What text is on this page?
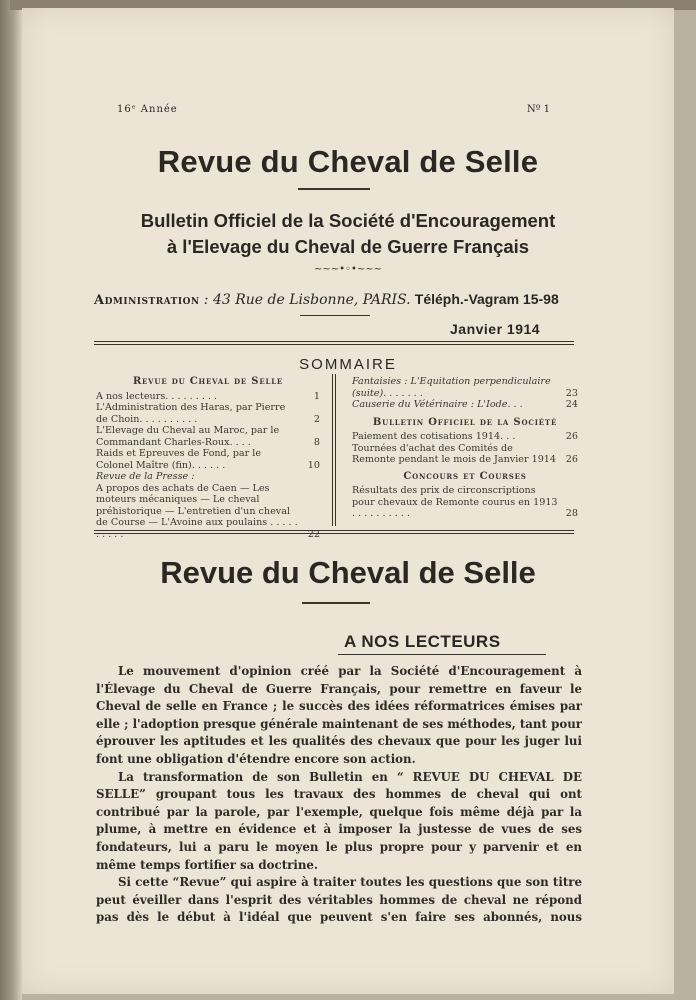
16ᵉ Année	Nº 1
Revue du Cheval de Selle
Bulletin Officiel de la Société d'Encouragement
à l'Elevage du Cheval de Guerre Français
~~~•◦•~~~
Administration : 43 Rue de Lisbonne, PARIS. Téléph.-Vagram 15-98
Janvier 1914
SOMMAIRE
Revue du Cheval de Selle
A nos lecteurs. . . . . . . . .	1
L'Administration des Haras, par Pierre de Choin. . . . . . . . . .	2
L'Elevage du Cheval au Maroc, par le Commandant Charles-Roux. . . .	8
Raids et Epreuves de Fond, par le Colonel Maître (fin). . . . . .	10
Revue de la Presse :
A propos des achats de Caen — Les moteurs mécaniques — Le cheval préhistorique — L'entretien d'un cheval de Course — L'Avoine aux poulains . . . . . . . . . .	22
Fantaisies : L'Equitation perpendiculaire (suite). . . . . . .	23
Causerie du Vétérinaire : L'Iode. . .	24
Bulletin Officiel de la Société
Paiement des cotisations 1914. . .	26
Tournées d'achat des Comités de Remonte pendant le mois de Janvier 1914	26
Concours et Courses
Résultats des prix de circonscriptions pour chevaux de Remonte courus en 1913 . . . . . . . . . .	28
Revue du Cheval de Selle
A NOS LECTEURS

Le mouvement d'opinion créé par la Société d'Encouragement à l'Élevage du Cheval de Guerre Français, pour remettre en faveur le Cheval de selle en France ; le succès des idées réformatrices émises par elle ; l'adoption presque générale maintenant de ses méthodes, tant pour éprouver les aptitudes et les qualités des chevaux que pour les juger lui font une obligation d'étendre encore son action.

La transformation de son Bulletin en “ REVUE DU CHEVAL DE SELLE” groupant tous les travaux des hommes de cheval qui ont contribué par la parole, par l'exemple, quelque fois même déjà par la plume, à mettre en évidence et à imposer la justesse de vues de ses fondateurs, lui a paru le moyen le plus propre pour y parvenir et en même temps fortifier sa doctrine.

Si cette “Revue” qui aspire à traiter toutes les questions que son titre peut éveiller dans l'esprit des véritables hommes de cheval ne répond pas dès le début à l'idéal que peuvent s'en faire ses abonnés, nous
